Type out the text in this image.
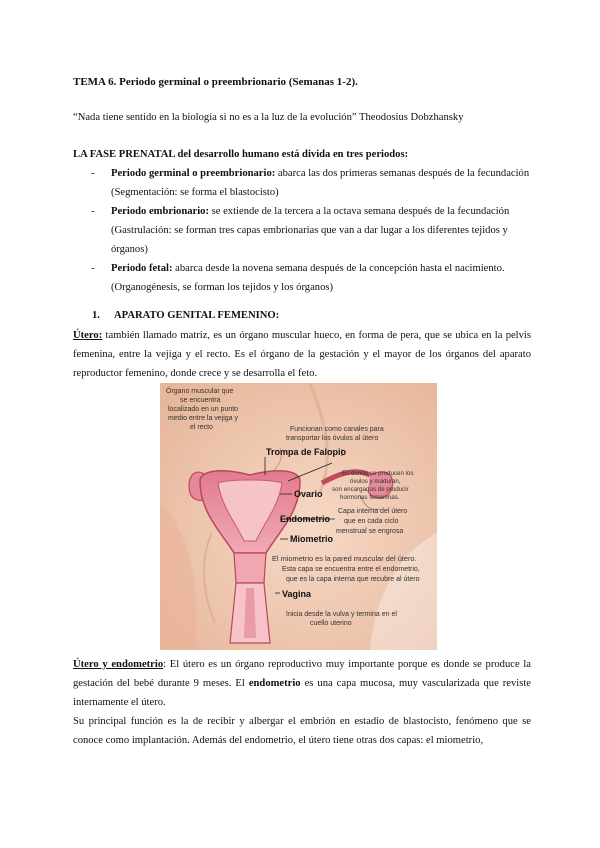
TEMA 6. Periodo germinal o preembrionario (Semanas 1-2).
“Nada tiene sentido en la biología si no es a la luz de la evolución” Theodosius Dobzhansky

LA FASE PRENATAL del desarrollo humano está divida en tres periodos:

- Periodo germinal o preembrionario: abarca las dos primeras semanas después de la fecundación (Segmentación: se forma el blastocisto)
- Periodo embrionario: se extiende de la tercera a la octava semana después de la fecundación (Gastrulación: se forman tres capas embrionarias que van a dar lugar a los diferentes tejidos y órganos)
- Periodo fetal: abarca desde la novena semana después de la concepción hasta el nacimiento. (Organogénesis, se forman los tejidos y los órganos)
1. APARATO GENITAL FEMENINO:
Útero: también llamado matriz, es un órgano muscular hueco, en forma de pera, que se ubica en la pelvis femenina, entre la vejiga y el recto. Es el órgano de la gestación y el mayor de los órganos del aparato reproductor femenino, donde crece y se desarrolla el feto.
Órgano muscular que
se encuentra
localizado en un punto
medio entre la vejiga y
el recto	Funcionan como canales para
transportar los óvulos al útero
Trompa de Falopio
Es donde se producen los
óvulos y maduran,
son encargados de producir
hormonas femeninas.
Ovario
Endometrio
Capa interna del útero
que en cada ciclo
menstrual se engrosa
Miometrio
El miometrio es la pared muscular del útero.
Esta capa se encuentra entre el endometrio,
que es la capa interna que recubre al útero
Vagina
Inicia desde la vulva y termina en el
cuello uterino
Útero y endometrio: El útero es un órgano reproductivo muy importante porque es donde se produce la gestación del bebé durante 9 meses. El endometrio es una capa mucosa, muy vascularizada que reviste internamente el útero.
Su principal función es la de recibir y albergar el embrión en estadio de blastocisto, fenómeno que se conoce como implantación. Además del endometrio, el útero tiene otras dos capas: el miometrio,
